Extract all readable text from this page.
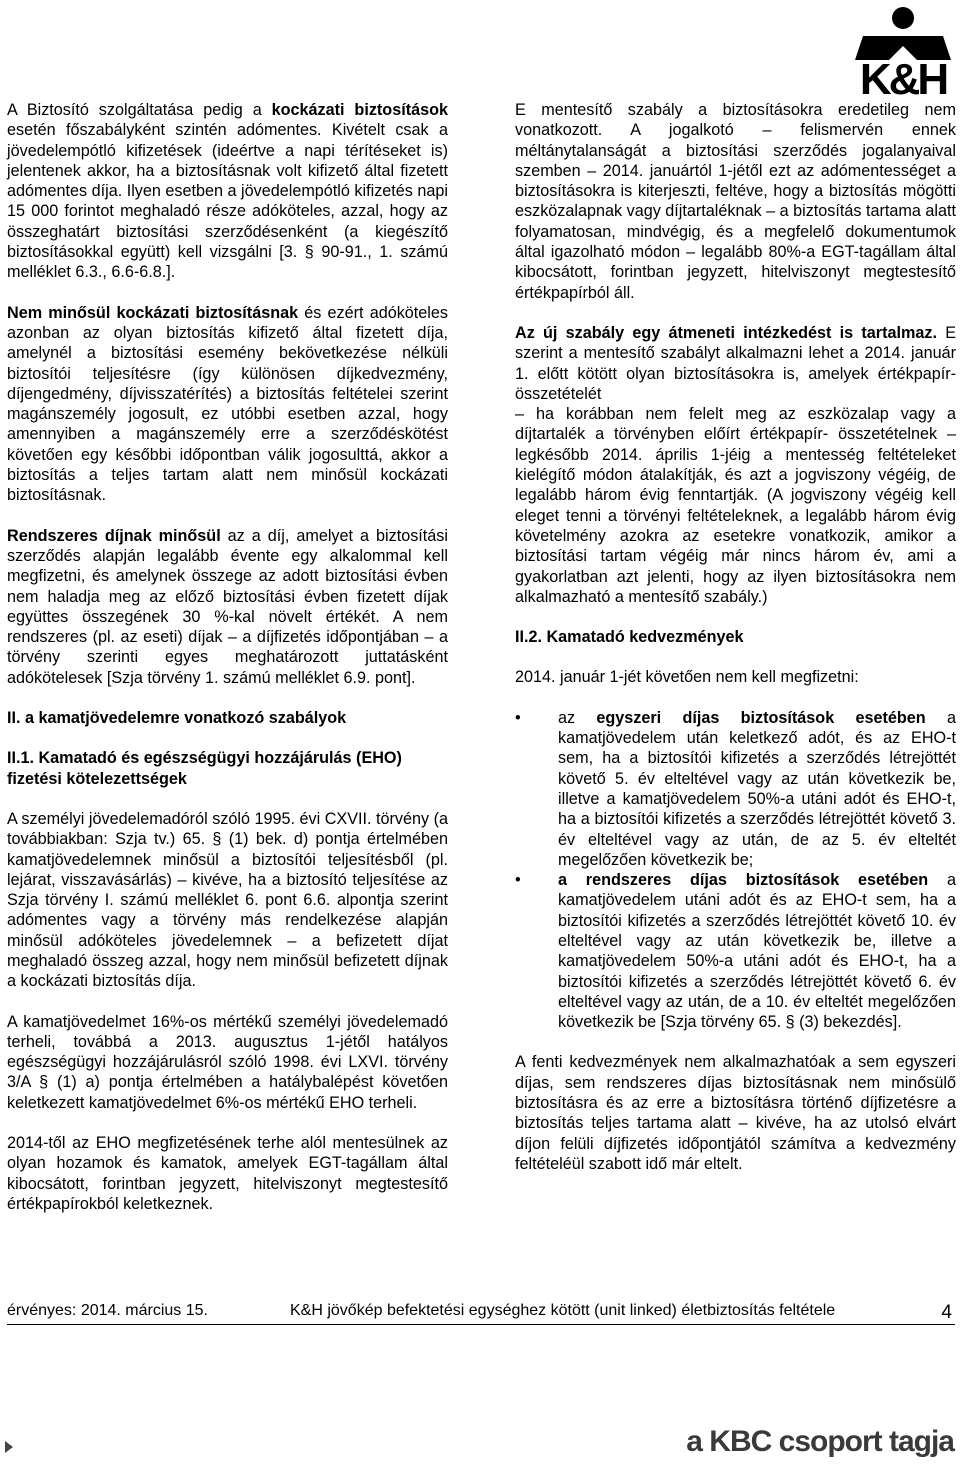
K&H

A Biztosító szolgáltatása pedig a kockázati biztosítások esetén főszabályként szintén adómentes. Kivételt csak a jövedelempótló kifizetések (ideértve a napi térítéseket is) jelentenek akkor, ha a biztosításnak volt kifizető által fizetett adómentes díja. Ilyen esetben a jövedelempótló kifizetés napi 15 000 forintot meghaladó része adóköteles, azzal, hogy az összeghatárt biztosítási szerződésenként (a kiegészítő biztosításokkal együtt) kell vizsgálni [3. § 90-91., 1. számú melléklet 6.3., 6.6-6.8.].

Nem minősül kockázati biztosításnak és ezért adóköteles azonban az olyan biztosítás kifizető által fizetett díja, amelynél a biztosítási esemény bekövetkezése nélküli biztosítói teljesítésre (így különösen díjkedvezmény, díjengedmény, díjvisszatérítés) a biztosítás feltételei szerint magánszemély jogosult, ez utóbbi esetben azzal, hogy amennyiben a magánszemély erre a szerződéskötést követően egy későbbi időpontban válik jogosulttá, akkor a biztosítás a teljes tartam alatt nem minősül kockázati biztosításnak.

Rendszeres díjnak minősül az a díj, amelyet a biztosítási szerződés alapján legalább évente egy alkalommal kell megfizetni, és amelynek összege az adott biztosítási évben nem haladja meg az előző biztosítási évben fizetett díjak együttes összegének 30 %-kal növelt értékét. A nem rendszeres (pl. az eseti) díjak – a díjfizetés időpontjában – a törvény szerinti egyes meghatározott juttatásként adókötelesek [Szja törvény 1. számú melléklet 6.9. pont].

II. a kamatjövedelemre vonatkozó szabályok
II.1. Kamatadó és egészségügyi hozzájárulás (EHO) fizetési kötelezettségek

A személyi jövedelemadóról szóló 1995. évi CXVII. törvény (a továbbiakban: Szja tv.) 65. § (1) bek. d) pontja értelmében kamatjövedelemnek minősül a biztosítói teljesítésből (pl. lejárat, visszavásárlás) – kivéve, ha a biztosító teljesítése az Szja törvény I. számú melléklet 6. pont 6.6. alpontja szerint adómentes vagy a törvény más rendelkezése alapján minősül adóköteles jövedelemnek – a befizetett díjat meghaladó összeg azzal, hogy nem minősül befizetett díjnak a kockázati biztosítás díja.

A kamatjövedelmet 16%-os mértékű személyi jövedelemadó terheli, továbbá a 2013. augusztus 1-jétől hatályos egészségügyi hozzájárulásról szóló 1998. évi LXVI. törvény 3/A § (1) a) pontja értelmében a hatálybalépést követően keletkezett kamatjövedelmet 6%-os mértékű EHO terheli.

2014-től az EHO megfizetésének terhe alól mentesülnek az olyan hozamok és kamatok, amelyek EGT-tagállam által kibocsátott, forintban jegyzett, hitelviszonyt megtestesítő értékpapírokból keletkeznek.

E mentesítő szabály a biztosításokra eredetileg nem vonatkozott. A jogalkotó – felismervén ennek méltánytalanságát a biztosítási szerződés jogalanyaival szemben – 2014. januártól 1-jétől ezt az adómentességet a biztosításokra is kiterjeszti, feltéve, hogy a biztosítás mögötti eszközalapnak vagy díjtartaléknak – a biztosítás tartama alatt folyamatosan, mindvégig, és a megfelelő dokumentumok által igazolható módon – legalább 80%-a EGT-tagállam által kibocsátott, forintban jegyzett, hitelviszonyt megtestesítő értékpapírból áll.

Az új szabály egy átmeneti intézkedést is tartalmaz. E szerint a mentesítő szabályt alkalmazni lehet a 2014. január 1. előtt kötött olyan biztosításokra is, amelyek értékpapír-összetételét

– ha korábban nem felelt meg az eszközalap vagy a díjtartalék a törvényben előírt értékpapír- összetételnek – legkésőbb 2014. április 1-jéig a mentesség feltételeket kielégítő módon átalakítják, és azt a jogviszony végéig, de legalább három évig fenntartják. (A jogviszony végéig kell eleget tenni a törvényi feltételeknek, a legalább három évig követelmény azokra az esetekre vonatkozik, amikor a biztosítási tartam végéig már nincs három év, ami a gyakorlatban azt jelenti, hogy az ilyen biztosításokra nem alkalmazható a mentesítő szabály.)

II.2. Kamatadó kedvezmények

2014. január 1-jét követően nem kell megfizetni:

• az egyszeri díjas biztosítások esetében a kamatjövedelem után keletkező adót, és az EHO-t sem, ha a biztosítói kifizetés a szerződés létrejöttét követő 5. év elteltével vagy az után következik be, illetve a kamatjövedelem 50%-a utáni adót és EHO-t, ha a biztosítói kifizetés a szerződés létrejöttét követő 3. év elteltével vagy az után, de az 5. év elteltét megelőzően következik be;
• a rendszeres díjas biztosítások esetében a kamatjövedelem utáni adót és az EHO-t sem, ha a biztosítói kifizetés a szerződés létrejöttét követő 10. év elteltével vagy az után következik be, illetve a kamatjövedelem 50%-a utáni adót és EHO-t, ha a biztosítói kifizetés a szerződés létrejöttét követő 6. év elteltével vagy az után, de a 10. év elteltét megelőzően következik be [Szja törvény 65. § (3) bekezdés].

A fenti kedvezmények nem alkalmazhatóak a sem egyszeri díjas, sem rendszeres díjas biztosításnak nem minősülő biztosításra és az erre a biztosításra történő díjfizetésre a biztosítás teljes tartama alatt – kivéve, ha az utolsó elvárt díjon felüli díjfizetés időpontjától számítva a kedvezmény feltételéül szabott idő már eltelt.

érvényes: 2014. március 15.	K&H jövőkép befektetési egységhez kötött (unit linked) életbiztosítás feltétele	4
a KBC csoport tagja
